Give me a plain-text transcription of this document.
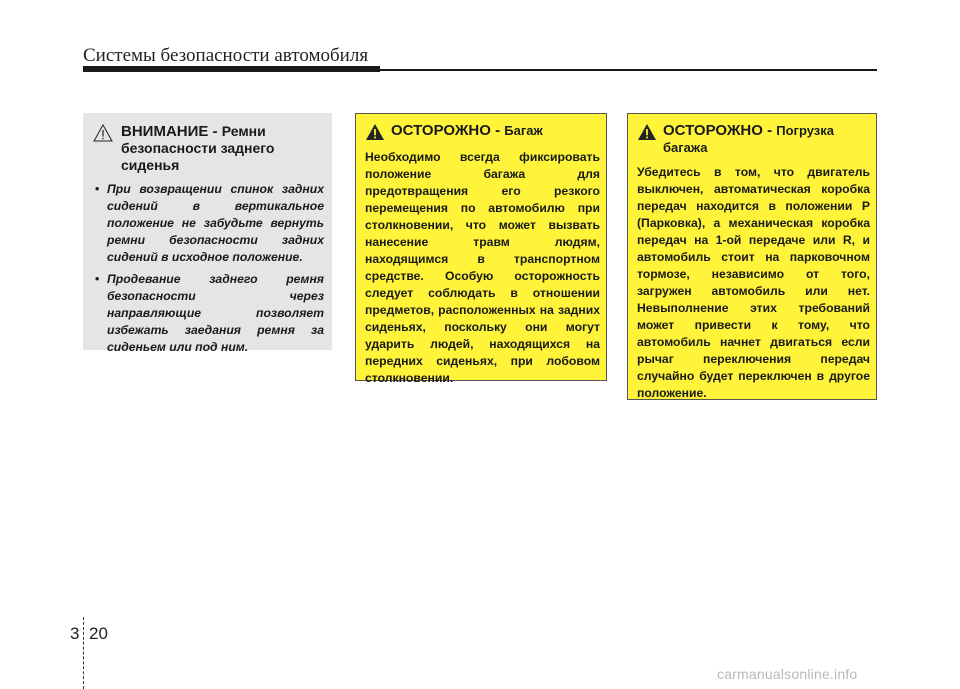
Системы безопасности автомобиля
ВНИМАНИЕ - Ремни безопасности заднего сиденья
• При возвращении спинок задних сидений в вертикальное положение не забудьте вернуть ремни безопасности задних сидений в исходное положение.
• Продевание заднего ремня безопасности через направляющие позволяет избежать заедания ремня за сиденьем или под ним.
ОСТОРОЖНО - Багаж
Необходимо всегда фиксировать положение багажа для предотвращения его резкого перемещения по автомобилю при столкновении, что может вызвать нанесение травм людям, находящимся в транспортном средстве. Особую осторожность следует соблюдать в отношении предметов, расположенных на задних сиденьях, поскольку они могут ударить людей, находящихся на передних сиденьях, при лобовом столкновении.
ОСТОРОЖНО - Погрузка багажа
Убедитесь в том, что двигатель выключен, автоматическая коробка передач находится в положении P (Парковка), а механическая коробка передач на 1-ой передаче или R, и автомобиль стоит на парковочном тормозе, независимо от того, загружен автомобиль или нет. Невыполнение этих требований может привести к тому, что автомобиль начнет двигаться если рычаг переключения передач случайно будет переключен в другое положение.
3 20
carmanualsonline.info
